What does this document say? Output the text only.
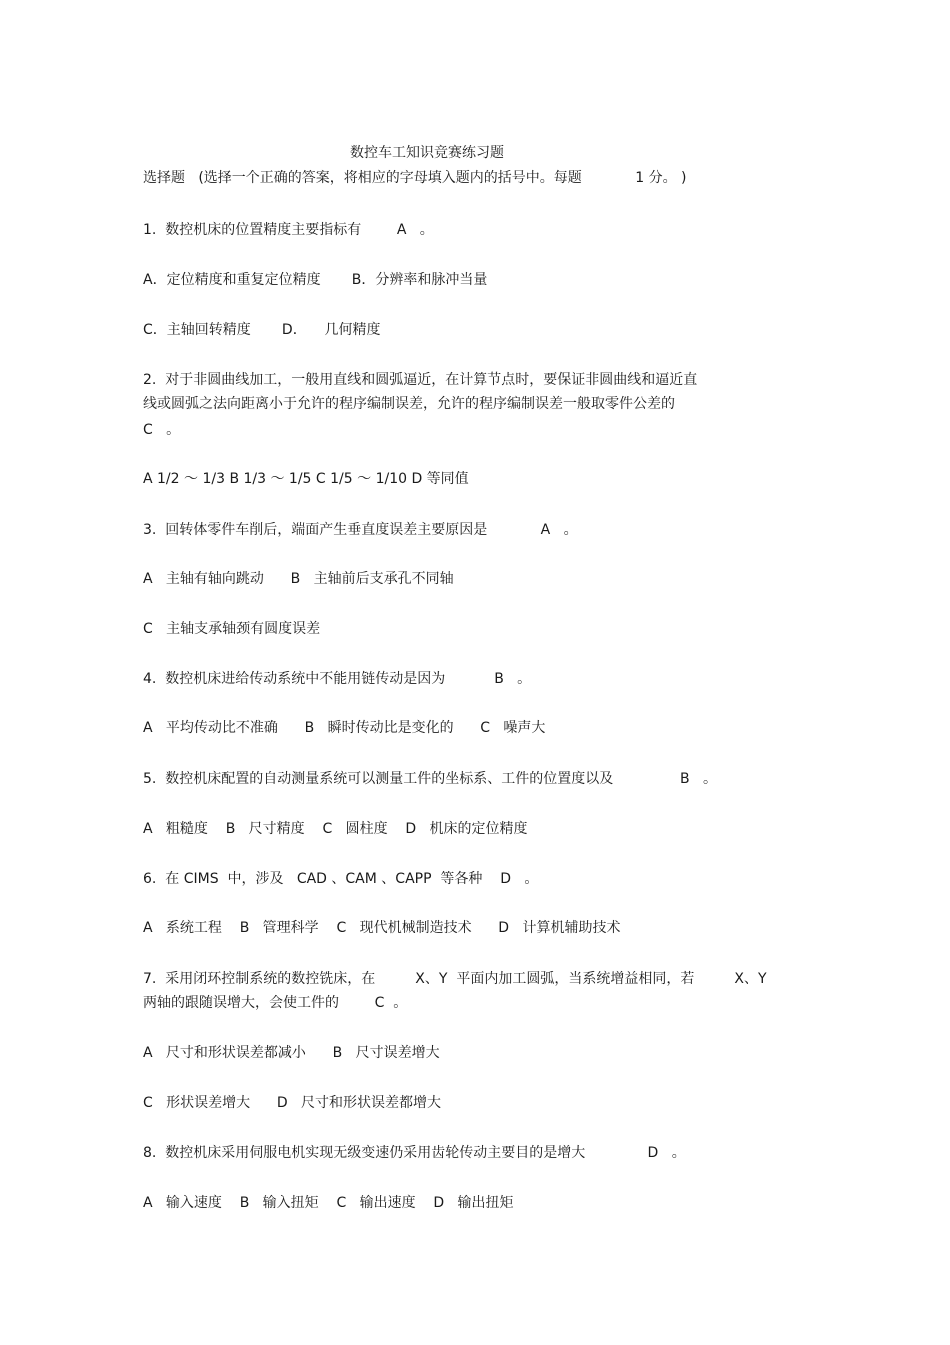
数控车工知识竞赛练习题
选择题   (选择一个正确的答案，将相应的字母填入题内的括号中。每题            1 分。 )
1.  数控机床的位置精度主要指标有        A   。
A．定位精度和重复定位精度       B．分辨率和脉冲当量
C．主轴回转精度       D．    几何精度
2.  对于非圆曲线加工，一般用直线和圆弧逼近，在计算节点时，要保证非圆曲线和逼近直
线或圆弧之法向距离小于允许的程序编制误差，允许的程序编制误差一般取零件公差的
C   。
A 1/2 ～ 1/3 B 1/3 ～ 1/5 C 1/5 ～ 1/10 D 等同值
3.  回转体零件车削后，端面产生垂直度误差主要原因是            A   。
A   主轴有轴向跳动      B   主轴前后支承孔不同轴
C   主轴支承轴颈有圆度误差
4.  数控机床进给传动系统中不能用链传动是因为           B   。
A   平均传动比不准确      B   瞬时传动比是变化的      C   噪声大
5.  数控机床配置的自动测量系统可以测量工件的坐标系、工件的位置度以及               B   。
A   粗糙度    B   尺寸精度    C   圆柱度    D   机床的定位精度
6.  在 CIMS  中，涉及   CAD 、CAM 、CAPP  等各种    D   。
A   系统工程    B   管理科学    C   现代机械制造技术      D   计算机辅助技术
7.  采用闭环控制系统的数控铣床，在         X、Y  平面内加工圆弧，当系统增益相同，若         X、Y
两轴的跟随误增大，会使工件的        C  。
A   尺寸和形状误差都减小      B   尺寸误差增大
C   形状误差增大      D   尺寸和形状误差都增大
8.  数控机床采用伺服电机实现无级变速仍采用齿轮传动主要目的是增大              D   。
A   输入速度    B   输入扭矩    C   输出速度    D   输出扭矩
